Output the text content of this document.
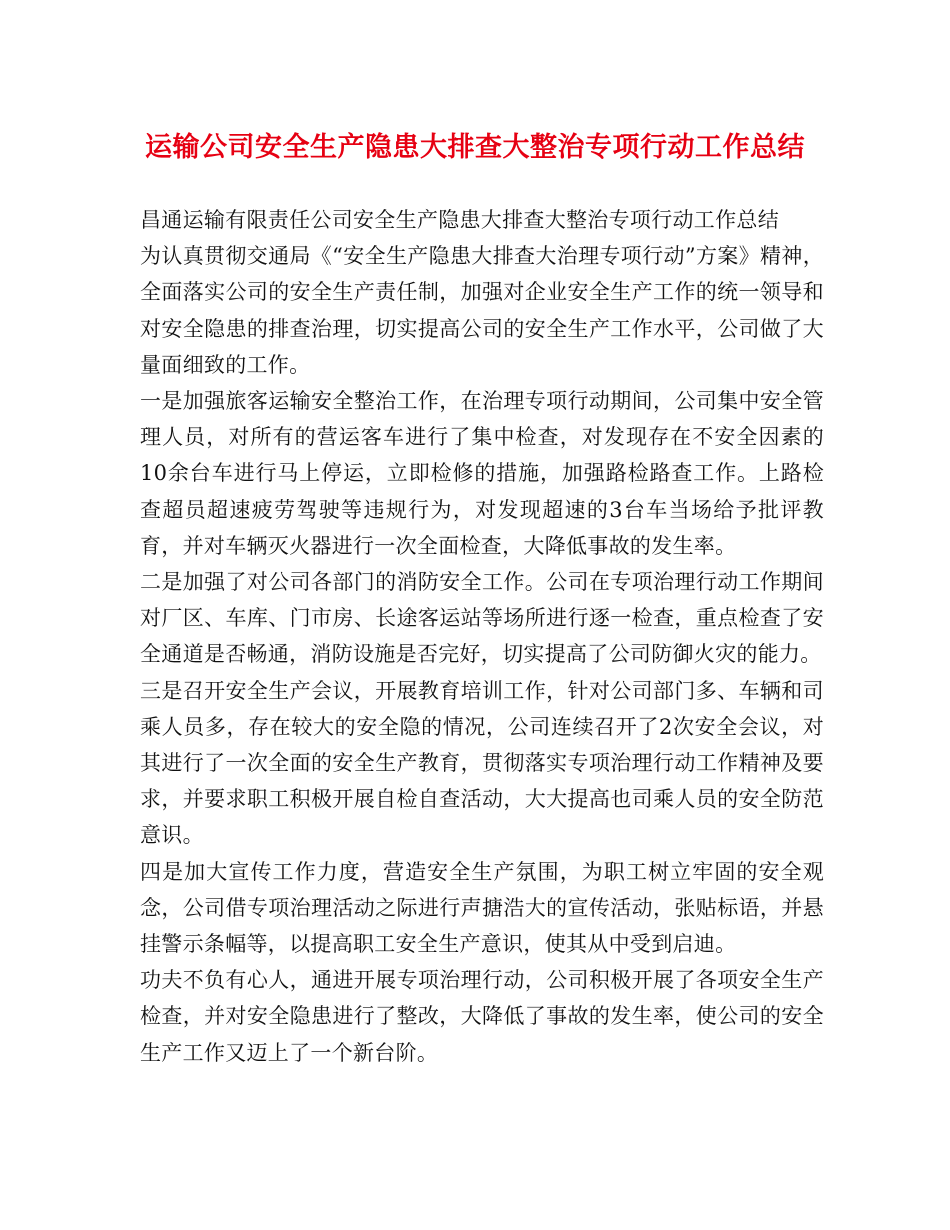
运输公司安全生产隐患大排查大整治专项行动工作总结

昌通运输有限责任公司安全生产隐患大排查大整治专项行动工作总结

为认真贯彻交通局《“安全生产隐患大排查大治理专项行动”方案》精神，全面落实公司的安全生产责任制，加强对企业安全生产工作的统一领导和对安全隐患的排查治理，切实提高公司的安全生产工作水平，公司做了大量面细致的工作。

一是加强旅客运输安全整治工作，在治理专项行动期间，公司集中安全管理人员，对所有的营运客车进行了集中检查，对发现存在不安全因素的10余台车进行马上停运，立即检修的措施，加强路检路查工作。上路检查超员超速疲劳驾驶等违规行为，对发现超速的3台车当场给予批评教育，并对车辆灭火器进行一次全面检查，大降低事故的发生率。

二是加强了对公司各部门的消防安全工作。公司在专项治理行动工作期间对厂区、车库、门市房、长途客运站等场所进行逐一检查，重点检查了安全通道是否畅通，消防设施是否完好，切实提高了公司防御火灾的能力。

三是召开安全生产会议，开展教育培训工作，针对公司部门多、车辆和司乘人员多，存在较大的安全隐的情况，公司连续召开了2次安全会议，对其进行了一次全面的安全生产教育，贯彻落实专项治理行动工作精神及要求，并要求职工积极开展自检自查活动，大大提高也司乘人员的安全防范意识。

四是加大宣传工作力度，营造安全生产氛围，为职工树立牢固的安全观念，公司借专项治理活动之际进行声搪浩大的宣传活动，张贴标语，并悬挂警示条幅等，以提高职工安全生产意识，使其从中受到启迪。

功夫不负有心人，通进开展专项治理行动，公司积极开展了各项安全生产检查，并对安全隐患进行了整改，大降低了事故的发生率，使公司的安全生产工作又迈上了一个新台阶。
